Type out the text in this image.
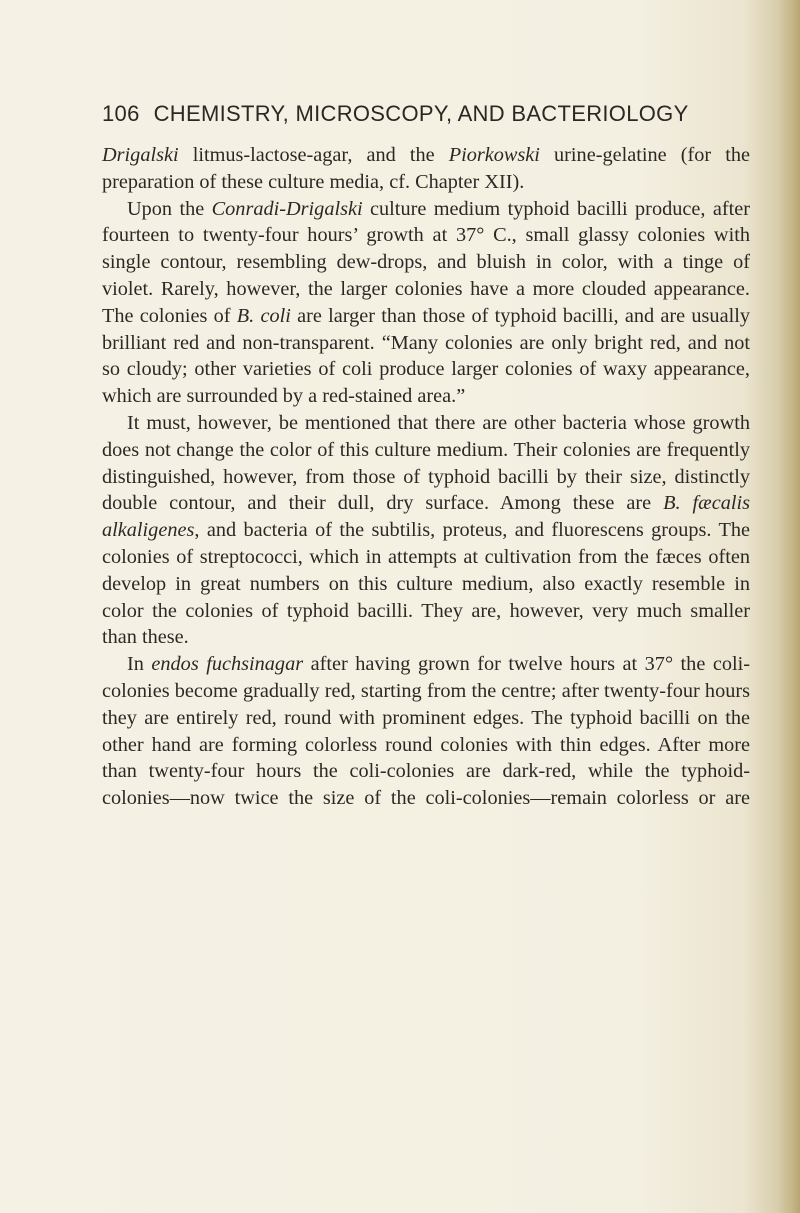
106 CHEMISTRY, MICROSCOPY, AND BACTERIOLOGY

Drigalski litmus-lactose-agar, and the Piorkowski urine-gelatine (for the preparation of these culture media, cf. Chapter XII).

Upon the Conradi-Drigalski culture medium typhoid bacilli produce, after fourteen to twenty-four hours’ growth at 37° C., small glassy colonies with single contour, resembling dew-drops, and bluish in color, with a tinge of violet. Rarely, however, the larger colonies have a more clouded appearance. The colonies of B. coli are larger than those of typhoid bacilli, and are usually brilliant red and non-transparent. “Many colonies are only bright red, and not so cloudy; other varieties of coli produce larger colonies of waxy appearance, which are surrounded by a red-stained area.”

It must, however, be mentioned that there are other bacteria whose growth does not change the color of this culture medium. Their colonies are frequently distinguished, however, from those of typhoid bacilli by their size, distinctly double contour, and their dull, dry surface. Among these are B. fæcalis alkaligenes, and bacteria of the subtilis, proteus, and fluorescens groups. The colonies of streptococci, which in attempts at cultivation from the fæces often develop in great numbers on this culture medium, also exactly resemble in color the colonies of typhoid bacilli. They are, however, very much smaller than these.

In endos fuchsinagar after having grown for twelve hours at 37° the coli-colonies become gradually red, starting from the centre; after twenty-four hours they are entirely red, round with prominent edges. The typhoid bacilli on the other hand are forming colorless round colonies with thin edges. After more than twenty-four hours the coli-colonies are dark-red, while the typhoid-colonies—now twice the size of the coli-colonies—remain colorless or are
